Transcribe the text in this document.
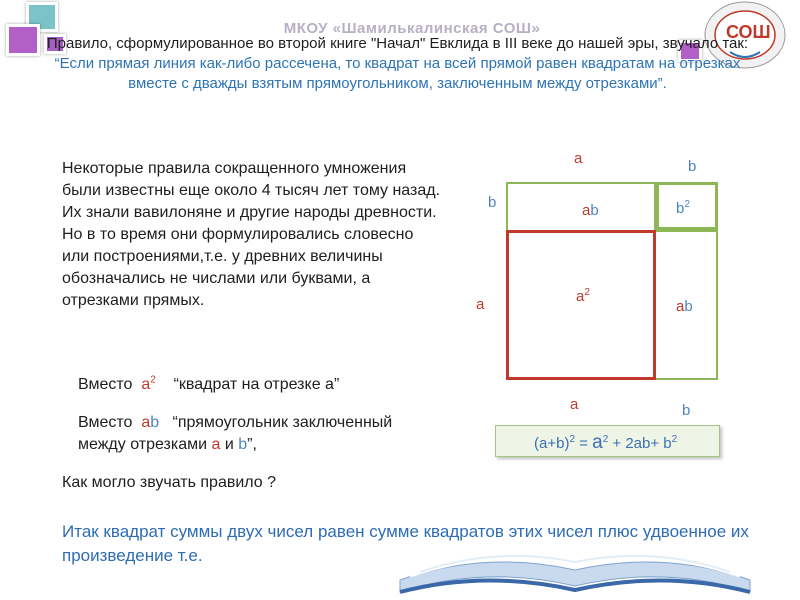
СОШ
МКОУ «Шамилькалинская СОШ»

Правило, сформулированное во второй книге "Начал" Евклида в III веке до нашей эры, звучало так: “Если прямая линия как-либо рассечена, то квадрат на всей прямой равен квадратам на отрезках вместе с дважды взятым прямоугольником, заключенным между отрезками”.

Некоторые правила сокращенного умножения были известны еще около 4 тысяч лет тому назад. Их знали вавилоняне и другие народы древности. Но в то время они формулировались словесно или построениями,т.е. у древних величины обозначались не числами или буквами, а отрезками прямых.

Вместо $a^2$ “квадрат на отрезке а”
Вместо ab “прямоугольник заключенный между отрезками а и b”,
Как могло звучать правило ?
a	b
b
a
ab	$b^2$
$a^2$
ab
a	b
$(a+b)^2 = a^2 + 2ab+ b^2$

Итак квадрат суммы двух чисел равен сумме квадратов этих чисел плюс удвоенное их произведение т.е.
